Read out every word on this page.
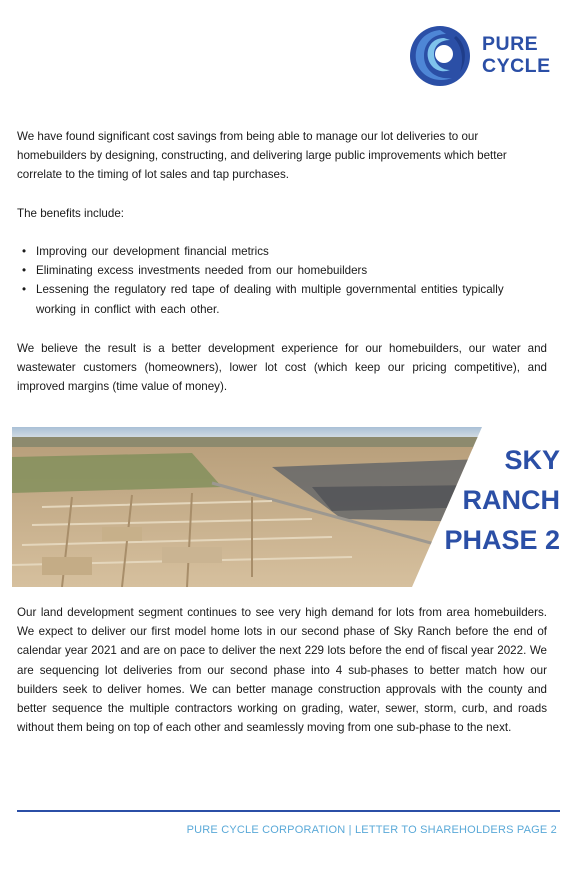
PURE
CYCLE

We have found significant cost savings from being able to manage our lot deliveries to our homebuilders by designing, constructing, and delivering large public improvements which better correlate to the timing of lot sales and tap purchases.

The benefits include:

• Improving our development financial metrics
• Eliminating excess investments needed from our homebuilders
• Lessening the regulatory red tape of dealing with multiple governmental entities typically working in conflict with each other.

We believe the result is a better development experience for our homebuilders, our water and wastewater customers (homeowners), lower lot cost (which keep our pricing competitive), and improved margins (time value of money).

SKY
RANCH
PHASE 2

Our land development segment continues to see very high demand for lots from area homebuilders. We expect to deliver our first model home lots in our second phase of Sky Ranch before the end of calendar year 2021 and are on pace to deliver the next 229 lots before the end of fiscal year 2022. We are sequencing lot deliveries from our second phase into 4 sub-phases to better match how our builders seek to deliver homes. We can better manage construction approvals with the county and better sequence the multiple contractors working on grading, water, sewer, storm, curb, and roads without them being on top of each other and seamlessly moving from one sub-phase to the next.

PURE CYCLE CORPORATION | LETTER TO SHAREHOLDERS PAGE 2
